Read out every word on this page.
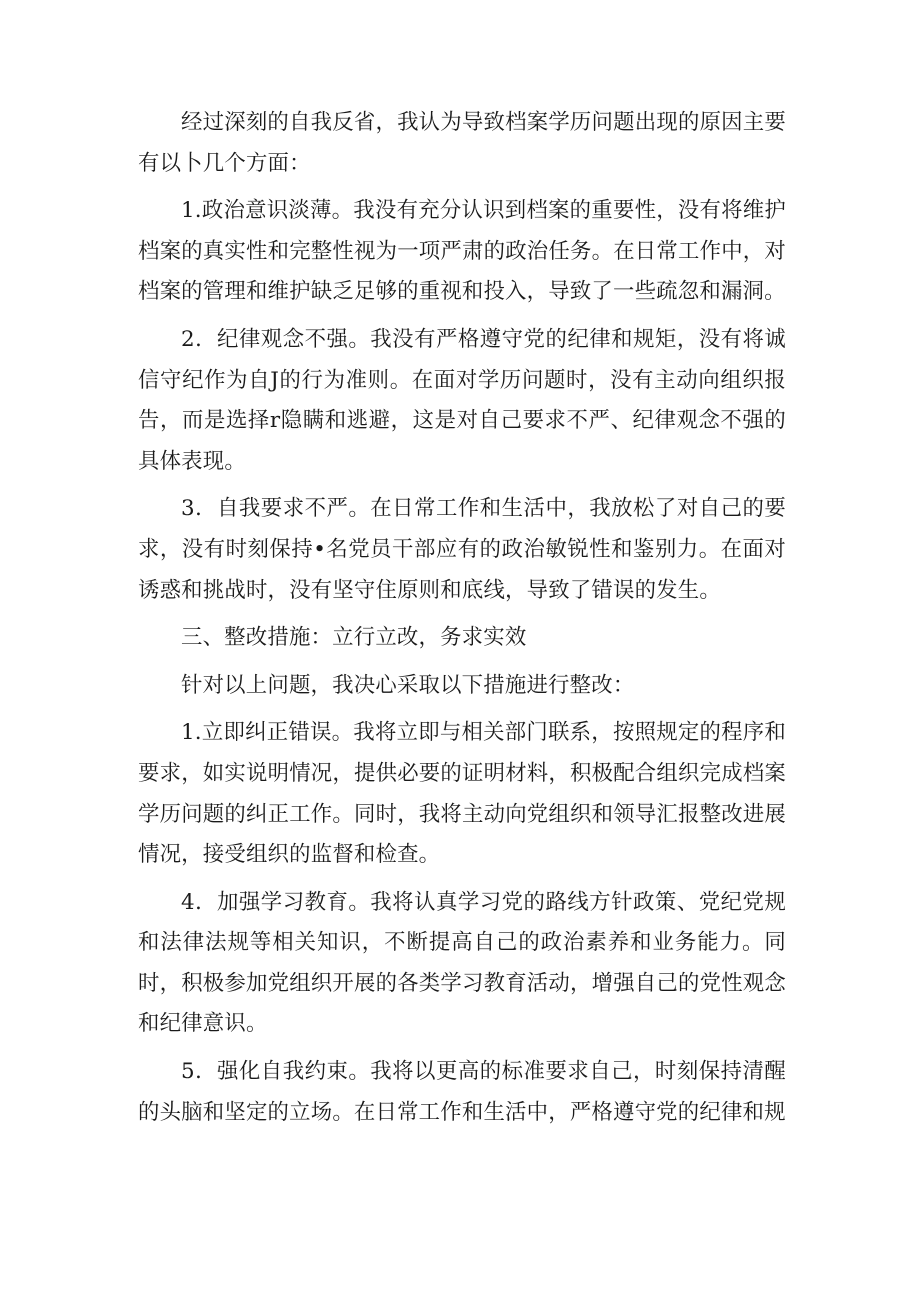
经过深刻的自我反省，我认为导致档案学历问题出现的原因主要有以卜几个方面：

1.政治意识淡薄。我没有充分认识到档案的重要性，没有将维护档案的真实性和完整性视为一项严肃的政治任务。在日常工作中，对档案的管理和维护缺乏足够的重视和投入，导致了一些疏忽和漏洞。

2．纪律观念不强。我没有严格遵守党的纪律和规矩，没有将诚信守纪作为自J的行为准则。在面对学历问题时，没有主动向组织报告，而是选择r隐瞒和逃避，这是对自己要求不严、纪律观念不强的具体表现。

3．自我要求不严。在日常工作和生活中，我放松了对自己的要求，没有时刻保持•名党员干部应有的政治敏锐性和鉴别力。在面对诱惑和挑战时，没有坚守住原则和底线，导致了错误的发生。

三、整改措施：立行立改，务求实效

针对以上问题，我决心采取以下措施进行整改：

1.立即纠正错误。我将立即与相关部门联系，按照规定的程序和要求，如实说明情况，提供必要的证明材料，积极配合组织完成档案学历问题的纠正工作。同时，我将主动向党组织和领导汇报整改进展情况，接受组织的监督和检查。

4．加强学习教育。我将认真学习党的路线方针政策、党纪党规和法律法规等相关知识，不断提高自己的政治素养和业务能力。同时，积极参加党组织开展的各类学习教育活动，增强自己的党性观念和纪律意识。

5．强化自我约束。我将以更高的标准要求自己，时刻保持清醒的头脑和坚定的立场。在日常工作和生活中，严格遵守党的纪律和规
